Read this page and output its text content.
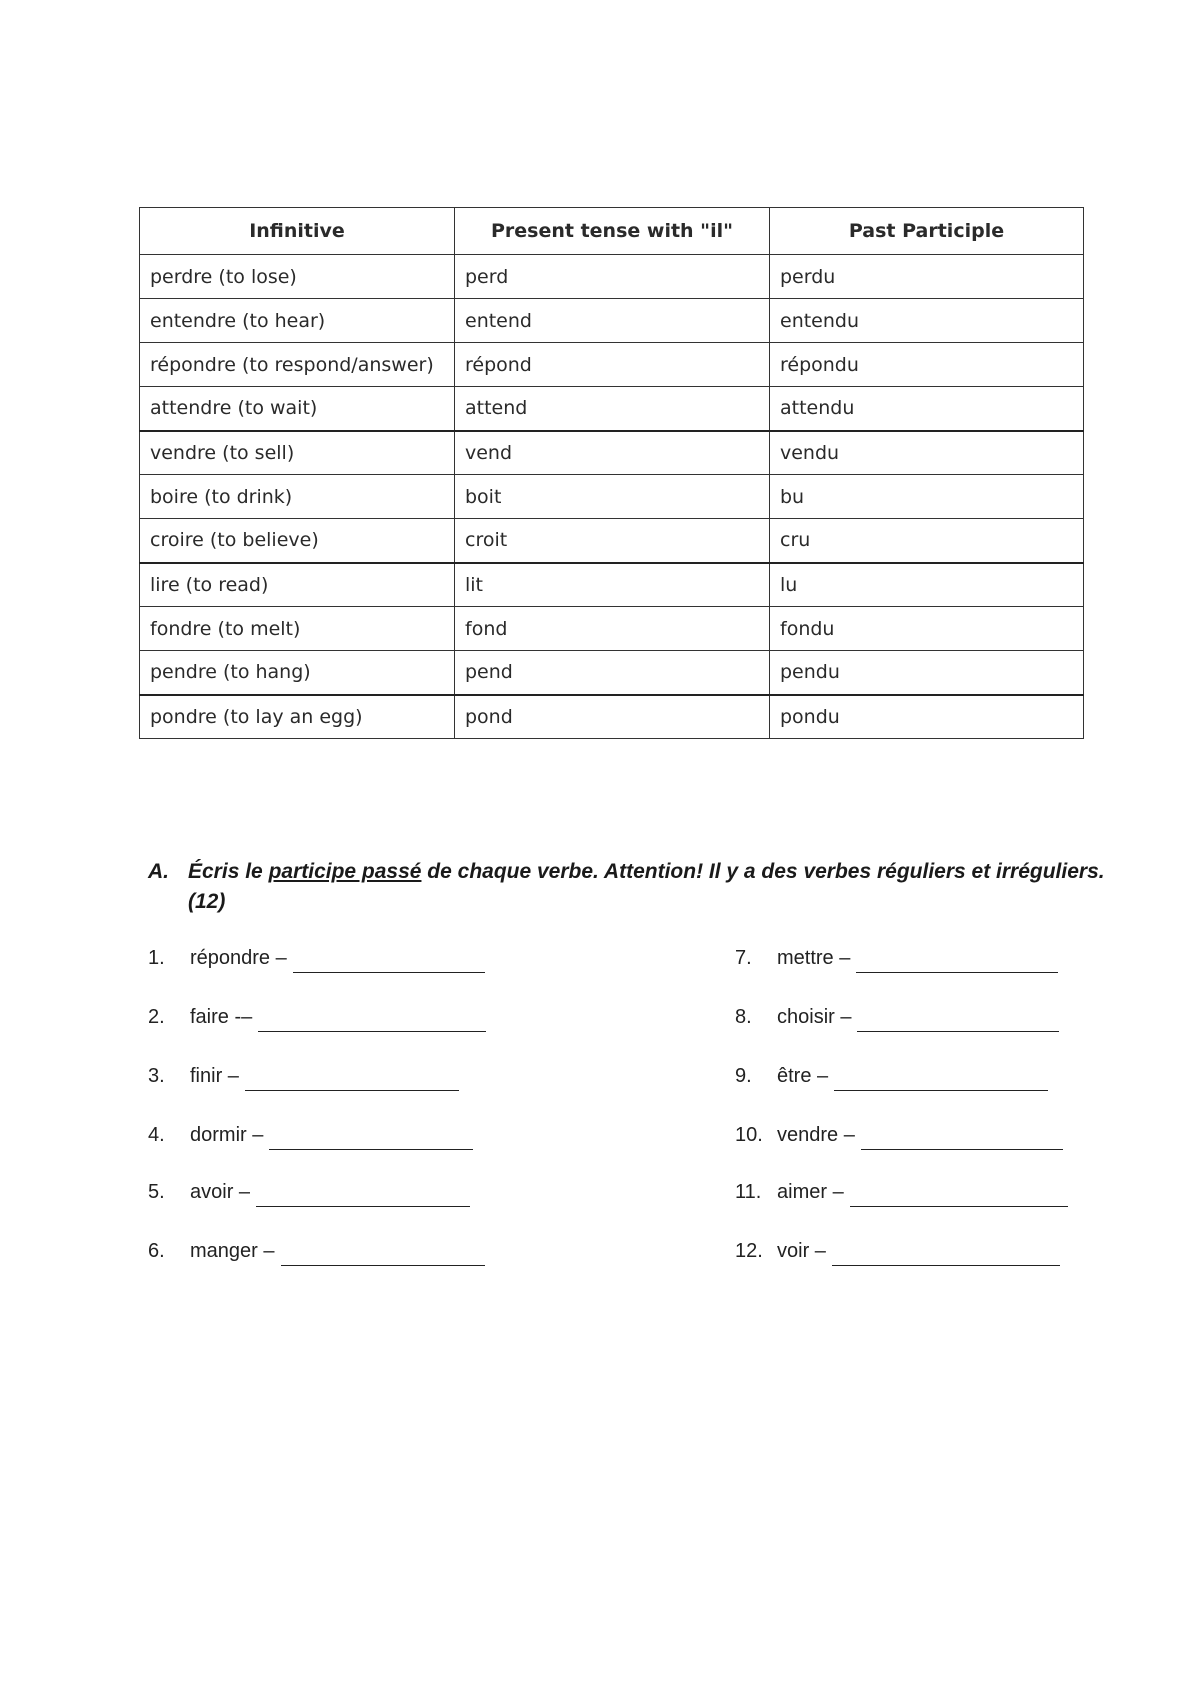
Infinitive	Present tense with "il"	Past Participle
perdre (to lose)	perd	perdu
entendre (to hear)	entend	entendu
répondre (to respond/answer)	répond	répondu
attendre (to wait)	attend	attendu
vendre (to sell)	vend	vendu
boire (to drink)	boit	bu
croire (to believe)	croit	cru
lire (to read)	lit	lu
fondre (to melt)	fond	fondu
pendre (to hang)	pend	pendu
pondre (to lay an egg)	pond	pondu
A. Écris le participe passé de chaque verbe. Attention! Il y a des verbes réguliers et irréguliers.
(12)
1.	répondre –
2.	faire -–
3.	finir –
4.	dormir –
5.	avoir –
6.	manger –
7.	mettre –
8.	choisir –
9.	être –
10. vendre –
11. aimer –
12. voir –
